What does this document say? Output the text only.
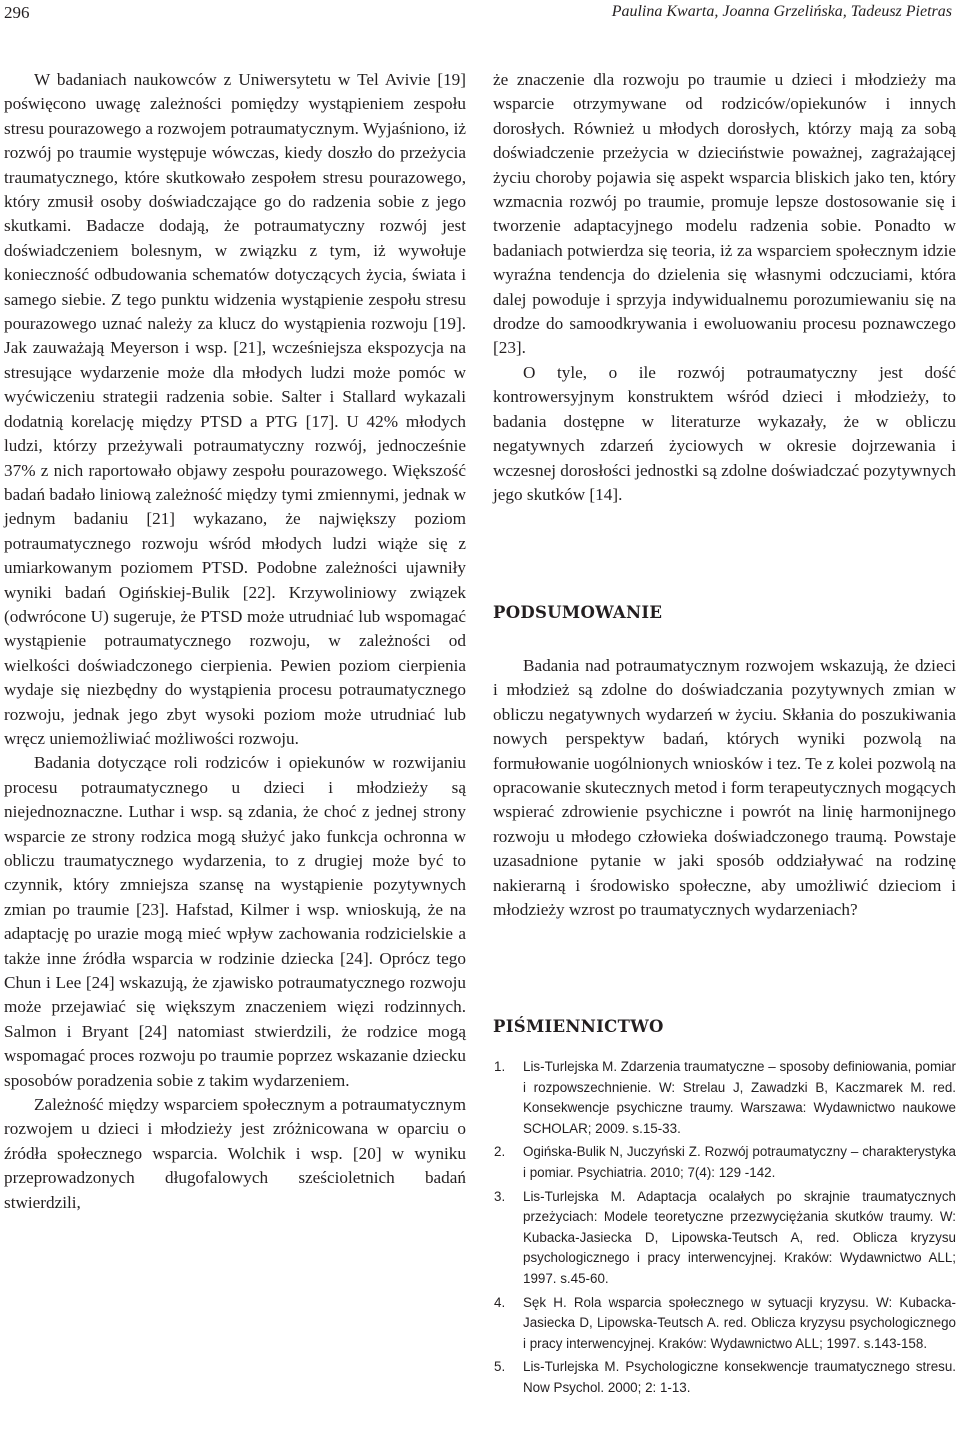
296	Paulina Kwarta, Joanna Grzelińska, Tadeusz Pietras

W badaniach naukowców z Uniwersytetu w Tel Avivie [19] poświęcono uwagę zależności pomiędzy wystąpieniem zespołu stresu pourazowego a rozwojem potraumatycznym. Wyjaśniono, iż rozwój po traumie występuje wówczas, kiedy doszło do przeżycia traumatycznego, które skutkowało zespołem stresu pourazowego, który zmusił osoby doświadczające go do radzenia sobie z jego skutkami. Badacze dodają, że potraumatyczny rozwój jest doświadczeniem bolesnym, w związku z tym, iż wywołuje konieczność odbudowania schematów dotyczących życia, świata i samego siebie. Z tego punktu widzenia wystąpienie zespołu stresu pourazowego uznać należy za klucz do wystąpienia rozwoju [19]. Jak zauważają Meyerson i wsp. [21], wcześniejsza ekspozycja na stresujące wydarzenie może dla młodych ludzi może pomóc w wyćwiczeniu strategii radzenia sobie. Salter i Stallard wykazali dodatnią korelację między PTSD a PTG [17]. U 42% młodych ludzi, którzy przeżywali potraumatyczny rozwój, jednocześnie 37% z nich raportowało objawy zespołu pourazowego. Większość badań badało liniową zależność między tymi zmiennymi, jednak w jednym badaniu [21] wykazano, że największy poziom potraumatycznego rozwoju wśród młodych ludzi wiąże się z umiarkowanym poziomem PTSD. Podobne zależności ujawniły wyniki badań Ogińskiej-Bulik [22]. Krzywoliniowy związek (odwrócone U) sugeruje, że PTSD może utrudniać lub wspomagać wystąpienie potraumatycznego rozwoju, w zależności od wielkości doświadczonego cierpienia. Pewien poziom cierpienia wydaje się niezbędny do wystąpienia procesu potraumatycznego rozwoju, jednak jego zbyt wysoki poziom może utrudniać lub wręcz uniemożliwiać możliwości rozwoju.

Badania dotyczące roli rodziców i opiekunów w rozwijaniu procesu potraumatycznego u dzieci i młodzieży są niejednoznaczne. Luthar i wsp. są zdania, że choć z jednej strony wsparcie ze strony rodzica mogą służyć jako funkcja ochronna w obliczu traumatycznego wydarzenia, to z drugiej może być to czynnik, który zmniejsza szansę na wystąpienie pozytywnych zmian po traumie [23]. Hafstad, Kilmer i wsp. wnioskują, że na adaptację po urazie mogą mieć wpływ zachowania rodzicielskie a także inne źródła wsparcia w rodzinie dziecka [24]. Oprócz tego Chun i Lee [24] wskazują, że zjawisko potraumatycznego rozwoju może przejawiać się większym znaczeniem więzi rodzinnych. Salmon i Bryant [24] natomiast stwierdzili, że rodzice mogą wspomagać proces rozwoju po traumie poprzez wskazanie dziecku sposobów poradzenia sobie z takim wydarzeniem.

Zależność między wsparciem społecznym a potraumatycznym rozwojem u dzieci i młodzieży jest zróżnicowana w oparciu o źródła społecznego wsparcia. Wolchik i wsp. [20] w wyniku przeprowadzonych długofalowych sześcioletnich badań stwierdzili,

że znaczenie dla rozwoju po traumie u dzieci i młodzieży ma wsparcie otrzymywane od rodziców/opiekunów i innych dorosłych. Również u młodych dorosłych, którzy mają za sobą doświadczenie przeżycia w dzieciństwie poważnej, zagrażającej życiu choroby pojawia się aspekt wsparcia bliskich jako ten, który wzmacnia rozwój po traumie, promuje lepsze dostosowanie się i tworzenie adaptacyjnego modelu radzenia sobie. Ponadto w badaniach potwierdza się teoria, iż za wsparciem społecznym idzie wyraźna tendencja do dzielenia się własnymi odczuciami, która dalej powoduje i sprzyja indywidualnemu porozumiewaniu się na drodze do samoodkrywania i ewoluowaniu procesu poznawczego [23].

O tyle, o ile rozwój potraumatyczny jest dość kontrowersyjnym konstruktem wśród dzieci i młodzieży, to badania dostępne w literaturze wykazały, że w obliczu negatywnych zdarzeń życiowych w okresie dojrzewania i wczesnej dorosłości jednostki są zdolne doświadczać pozytywnych jego skutków [14].

PODSUMOWANIE

Badania nad potraumatycznym rozwojem wskazują, że dzieci i młodzież są zdolne do doświadczania pozytywnych zmian w obliczu negatywnych wydarzeń w życiu. Skłania do poszukiwania nowych perspektyw badań, których wyniki pozwolą na formułowanie uogólnionych wniosków i tez. Te z kolei pozwolą na opracowanie skutecznych metod i form terapeutycznych mogących wspierać zdrowienie psychiczne i powrót na linię harmonijnego rozwoju u młodego człowieka doświadczonego traumą. Powstaje uzasadnione pytanie w jaki sposób oddziaływać na rodzinę nakierarną i środowisko społeczne, aby umożliwić dzieciom i młodzieży wzrost po traumatycznych wydarzeniach?

PIŚMIENNICTWO
1. Lis-Turlejska M. Zdarzenia traumatyczne – sposoby definiowania, pomiar i rozpowszechnienie. W: Strelau J, Zawadzki B, Kaczmarek M. red. Konsekwencje psychiczne traumy. Warszawa: Wydawnictwo naukowe SCHOLAR; 2009. s.15-33.
2. Ogińska-Bulik N, Juczyński Z. Rozwój potraumatyczny – charakterystyka i pomiar. Psychiatria. 2010; 7(4): 129 -142.
3. Lis-Turlejska M. Adaptacja ocalałych po skrajnie traumatycznych przeżyciach: Modele teoretyczne przezwyciężania skutków traumy. W: Kubacka-Jasiecka D, Lipowska-Teutsch A, red. Oblicza kryzysu psychologicznego i pracy interwencyjnej. Kraków: Wydawnictwo ALL; 1997. s.45-60.
4. Sęk H. Rola wsparcia społecznego w sytuacji kryzysu. W: Kubacka-Jasiecka D, Lipowska-Teutsch A. red. Oblicza kryzysu psychologicznego i pracy interwencyjnej. Kraków: Wydawnictwo ALL; 1997. s.143-158.
5. Lis-Turlejska M. Psychologiczne konsekwencje traumatycznego stresu. Now Psychol. 2000; 2: 1-13.
